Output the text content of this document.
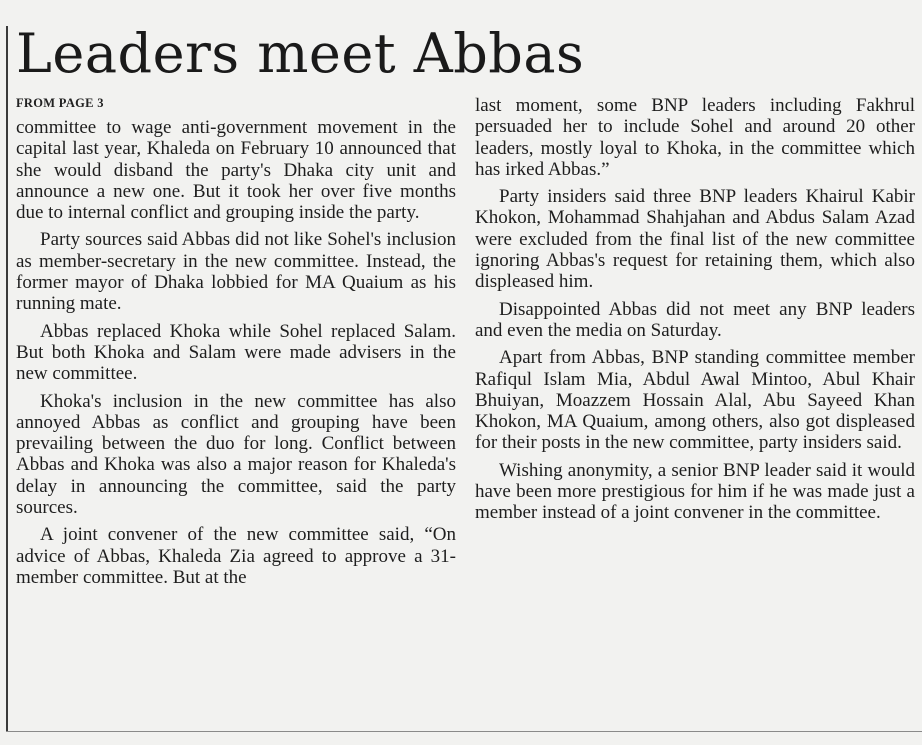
Leaders meet Abbas
FROM PAGE 3

committee to wage anti-government movement in the capital last year, Khaleda on February 10 announced that she would disband the party's Dhaka city unit and announce a new one. But it took her over five months due to internal conflict and grouping inside the party.

Party sources said Abbas did not like Sohel's inclusion as member-secretary in the new committee. Instead, the former mayor of Dhaka lobbied for MA Quaium as his running mate.

Abbas replaced Khoka while Sohel replaced Salam. But both Khoka and Salam were made advisers in the new committee.

Khoka's inclusion in the new committee has also annoyed Abbas as conflict and grouping have been prevailing between the duo for long. Conflict between Abbas and Khoka was also a major reason for Khaleda's delay in announcing the committee, said the party sources.

A joint convener of the new committee said, “On advice of Abbas, Khaleda Zia agreed to approve a 31-member committee. But at the

last moment, some BNP leaders including Fakhrul persuaded her to include Sohel and around 20 other leaders, mostly loyal to Khoka, in the committee which has irked Abbas.”

Party insiders said three BNP leaders Khairul Kabir Khokon, Mohammad Shahjahan and Abdus Salam Azad were excluded from the final list of the new committee ignoring Abbas's request for retaining them, which also displeased him.

Disappointed Abbas did not meet any BNP leaders and even the media on Saturday.

Apart from Abbas, BNP standing committee member Rafiqul Islam Mia, Abdul Awal Mintoo, Abul Khair Bhuiyan, Moazzem Hossain Alal, Abu Sayeed Khan Khokon, MA Quaium, among others, also got displeased for their posts in the new committee, party insiders said.

Wishing anonymity, a senior BNP leader said it would have been more prestigious for him if he was made just a member instead of a joint convener in the committee.
